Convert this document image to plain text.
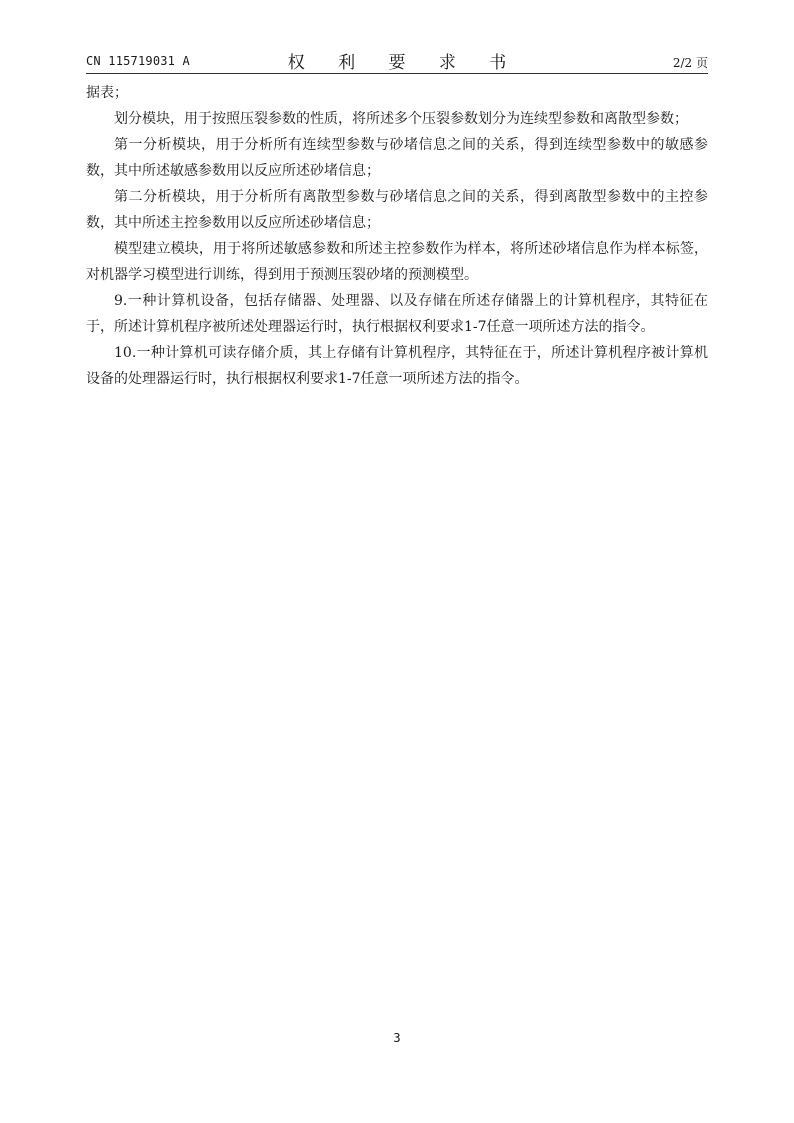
CN 115719031 A	权 利 要 求 书	2/2 页

据表；

划分模块，用于按照压裂参数的性质，将所述多个压裂参数划分为连续型参数和离散型参数；

第一分析模块，用于分析所有连续型参数与砂堵信息之间的关系，得到连续型参数中的敏感参数，其中所述敏感参数用以反应所述砂堵信息；

第二分析模块，用于分析所有离散型参数与砂堵信息之间的关系，得到离散型参数中的主控参数，其中所述主控参数用以反应所述砂堵信息；

模型建立模块，用于将所述敏感参数和所述主控参数作为样本，将所述砂堵信息作为样本标签，对机器学习模型进行训练，得到用于预测压裂砂堵的预测模型。

9.一种计算机设备，包括存储器、处理器、以及存储在所述存储器上的计算机程序，其特征在于，所述计算机程序被所述处理器运行时，执行根据权利要求1-7任意一项所述方法的指令。

10.一种计算机可读存储介质，其上存储有计算机程序，其特征在于，所述计算机程序被计算机设备的处理器运行时，执行根据权利要求1-7任意一项所述方法的指令。

3
